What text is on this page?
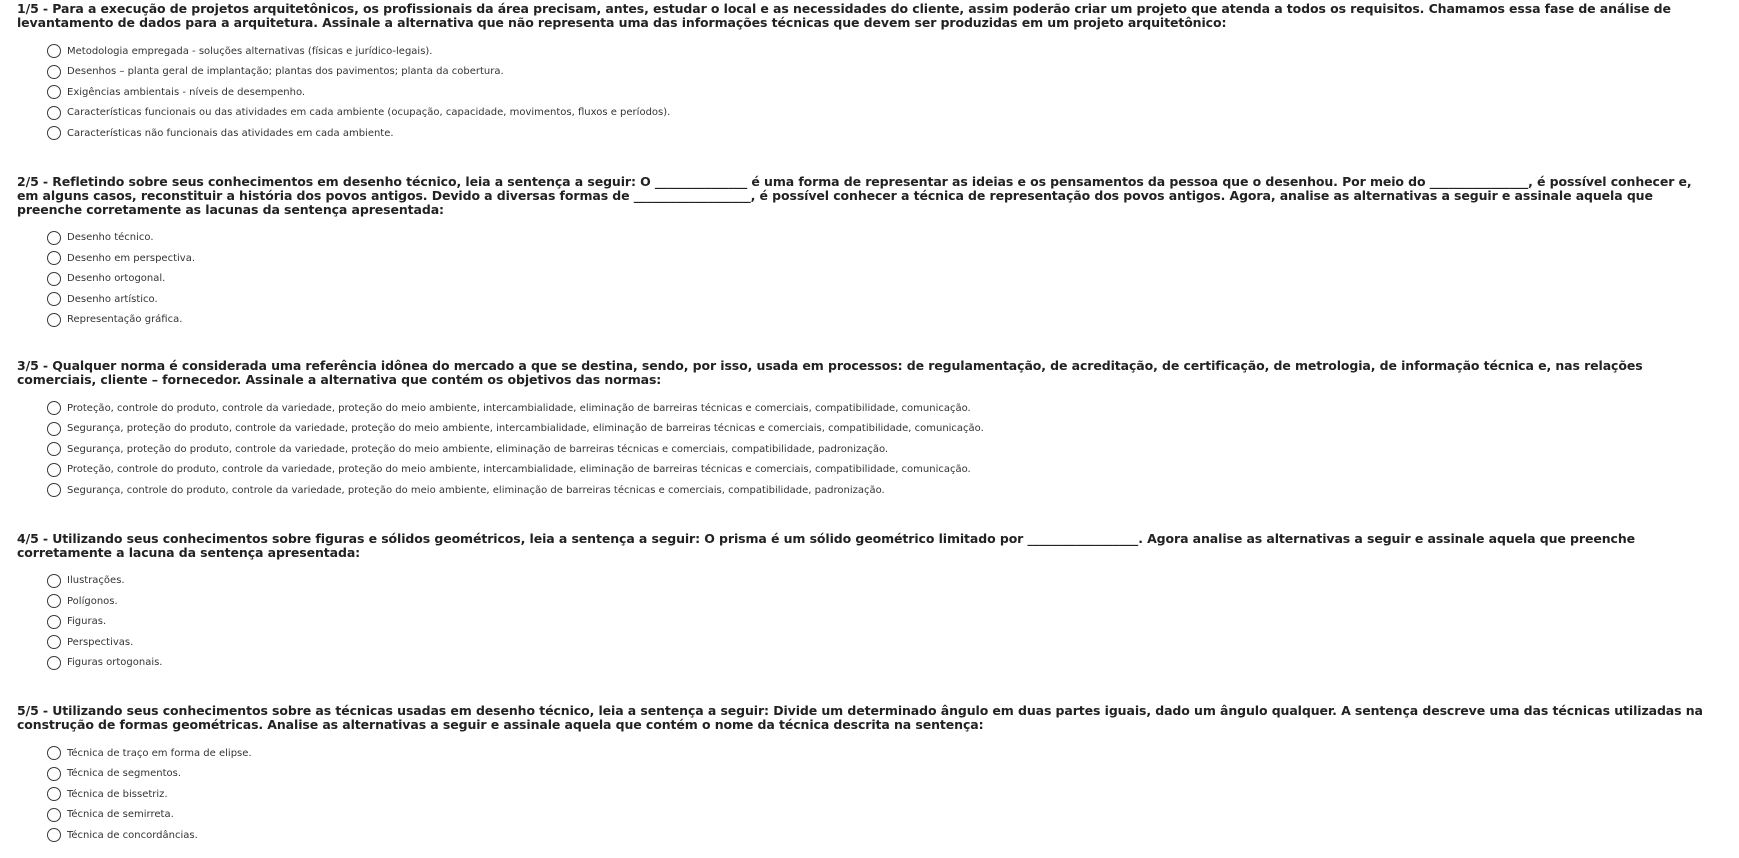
1/5 - Para a execução de projetos arquitetônicos, os profissionais da área precisam, antes, estudar o local e as necessidades do cliente, assim poderão criar um projeto que atenda a todos os requisitos. Chamamos essa fase de análise de levantamento de dados para a arquitetura. Assinale a alternativa que não representa uma das informações técnicas que devem ser produzidas em um projeto arquitetônico:

Metodologia empregada - soluções alternativas (físicas e jurídico-legais).
Desenhos – planta geral de implantação; plantas dos pavimentos; planta da cobertura.
Exigências ambientais - níveis de desempenho.
Características funcionais ou das atividades em cada ambiente (ocupação, capacidade, movimentos, fluxos e períodos).
Características não funcionais das atividades em cada ambiente.

2/5 - Refletindo sobre seus conhecimentos em desenho técnico, leia a sentença a seguir: O _______________ é uma forma de representar as ideias e os pensamentos da pessoa que o desenhou. Por meio do ________________, é possível conhecer e, em alguns casos, reconstituir a história dos povos antigos. Devido a diversas formas de ___________________, é possível conhecer a técnica de representação dos povos antigos. Agora, analise as alternativas a seguir e assinale aquela que preenche corretamente as lacunas da sentença apresentada:

Desenho técnico.
Desenho em perspectiva.
Desenho ortogonal.
Desenho artístico.
Representação gráfica.

3/5 - Qualquer norma é considerada uma referência idônea do mercado a que se destina, sendo, por isso, usada em processos: de regulamentação, de acreditação, de certificação, de metrologia, de informação técnica e, nas relações comerciais, cliente – fornecedor. Assinale a alternativa que contém os objetivos das normas:

Proteção, controle do produto, controle da variedade, proteção do meio ambiente, intercambialidade, eliminação de barreiras técnicas e comerciais, compatibilidade, comunicação.
Segurança, proteção do produto, controle da variedade, proteção do meio ambiente, intercambialidade, eliminação de barreiras técnicas e comerciais, compatibilidade, comunicação.
Segurança, proteção do produto, controle da variedade, proteção do meio ambiente, eliminação de barreiras técnicas e comerciais, compatibilidade, padronização.
Proteção, controle do produto, controle da variedade, proteção do meio ambiente, intercambialidade, eliminação de barreiras técnicas e comerciais, compatibilidade, comunicação.
Segurança, controle do produto, controle da variedade, proteção do meio ambiente, eliminação de barreiras técnicas e comerciais, compatibilidade, padronização.

4/5 - Utilizando seus conhecimentos sobre figuras e sólidos geométricos, leia a sentença a seguir: O prisma é um sólido geométrico limitado por __________________. Agora analise as alternativas a seguir e assinale aquela que preenche corretamente a lacuna da sentença apresentada:

Ilustrações.
Polígonos.
Figuras.
Perspectivas.
Figuras ortogonais.

5/5 - Utilizando seus conhecimentos sobre as técnicas usadas em desenho técnico, leia a sentença a seguir: Divide um determinado ângulo em duas partes iguais, dado um ângulo qualquer. A sentença descreve uma das técnicas utilizadas na construção de formas geométricas. Analise as alternativas a seguir e assinale aquela que contém o nome da técnica descrita na sentença:

Técnica de traço em forma de elipse.
Técnica de segmentos.
Técnica de bissetriz.
Técnica de semirreta.
Técnica de concordâncias.
